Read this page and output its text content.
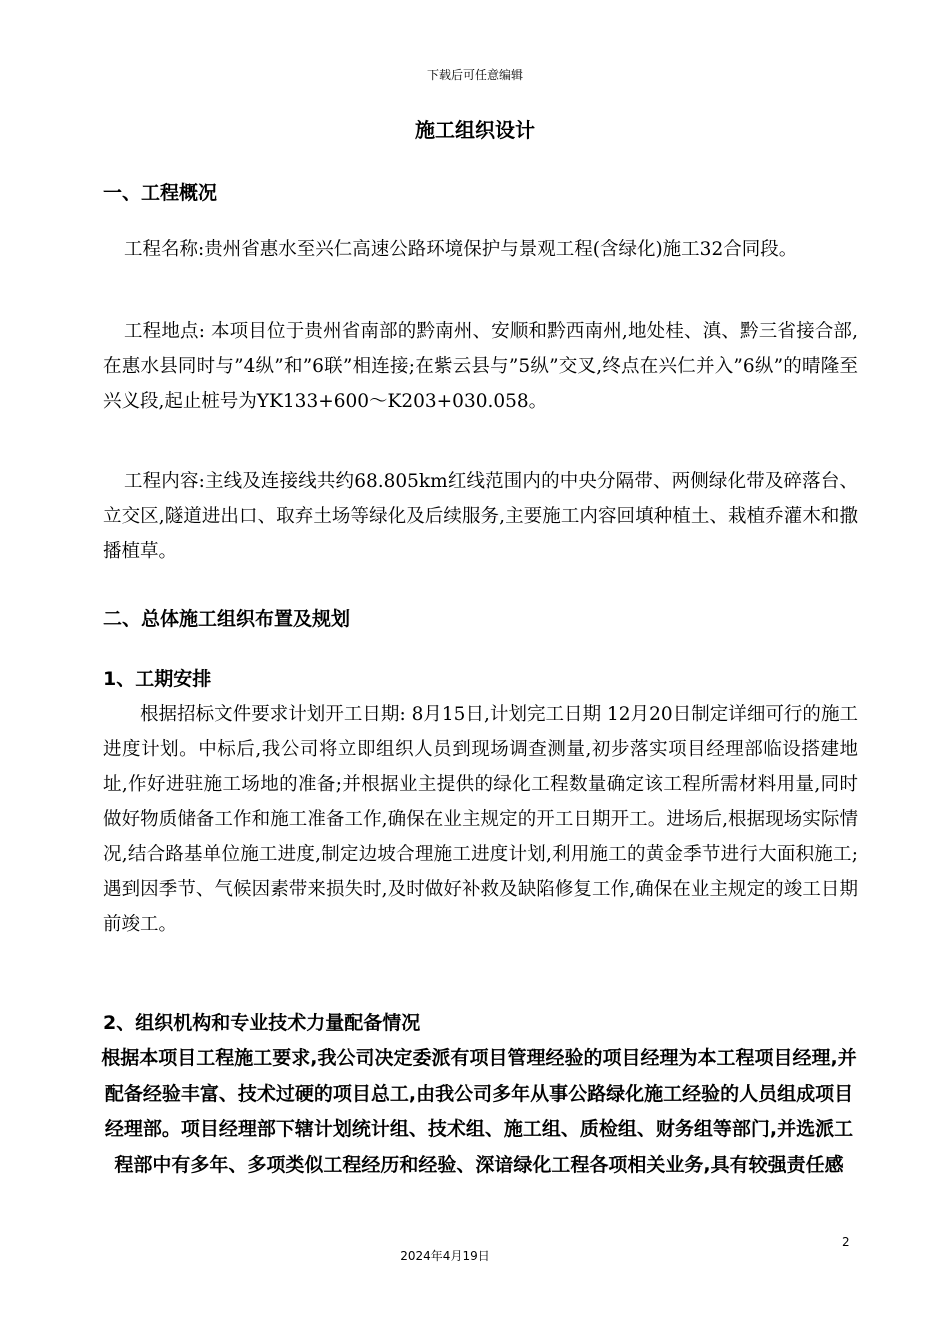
下载后可任意编辑
施工组织设计
一、工程概况
工程名称:贵州省惠水至兴仁高速公路环境保护与景观工程(含绿化)施工32合同段。
工程地点: 本项目位于贵州省南部的黔南州、安顺和黔西南州,地处桂、滇、黔三省接合部,在惠水县同时与”4纵”和”6联”相连接;在紫云县与”5纵”交叉,终点在兴仁并入”6纵”的晴隆至兴义段,起止桩号为YK133+600～K203+030.058。
工程内容:主线及连接线共约68.805km红线范围内的中央分隔带、两侧绿化带及碎落台、立交区,隧道进出口、取弃土场等绿化及后续服务,主要施工内容回填种植土、栽植乔灌木和撒播植草。
二、总体施工组织布置及规划
1、工期安排
根据招标文件要求计划开工日期: 8月15日,计划完工日期 12月20日制定详细可行的施工进度计划。中标后,我公司将立即组织人员到现场调查测量,初步落实项目经理部临设搭建地址,作好进驻施工场地的准备;并根据业主提供的绿化工程数量确定该工程所需材料用量,同时做好物质储备工作和施工准备工作,确保在业主规定的开工日期开工。进场后,根据现场实际情况,结合路基单位施工进度,制定边坡合理施工进度计划,利用施工的黄金季节进行大面积施工;遇到因季节、气候因素带来损失时,及时做好补救及缺陷修复工作,确保在业主规定的竣工日期前竣工。
2、组织机构和专业技术力量配备情况
根据本项目工程施工要求,我公司决定委派有项目管理经验的项目经理为本工程项目经理,并配备经验丰富、技术过硬的项目总工,由我公司多年从事公路绿化施工经验的人员组成项目经理部。项目经理部下辖计划统计组、技术组、施工组、质检组、财务组等部门,并选派工程部中有多年、多项类似工程经历和经验、深谙绿化工程各项相关业务,具有较强责任感
2
2024年4月19日
